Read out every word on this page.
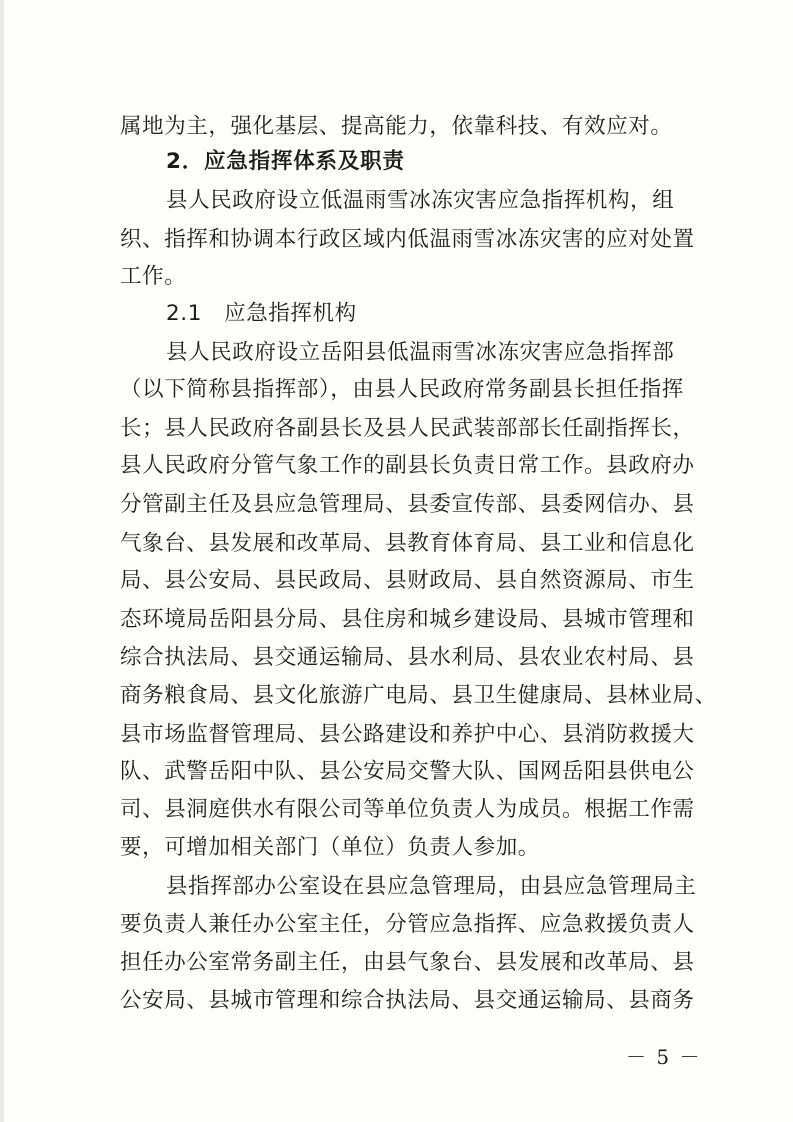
属地为主，强化基层、提高能力，依靠科技、有效应对。
2．应急指挥体系及职责
县人民政府设立低温雨雪冰冻灾害应急指挥机构，组
织、指挥和协调本行政区域内低温雨雪冰冻灾害的应对处置
工作。
2.1　应急指挥机构
县人民政府设立岳阳县低温雨雪冰冻灾害应急指挥部
（以下简称县指挥部），由县人民政府常务副县长担任指挥
长；县人民政府各副县长及县人民武装部部长任副指挥长，
县人民政府分管气象工作的副县长负责日常工作。县政府办
分管副主任及县应急管理局、县委宣传部、县委网信办、县
气象台、县发展和改革局、县教育体育局、县工业和信息化
局、县公安局、县民政局、县财政局、县自然资源局、市生
态环境局岳阳县分局、县住房和城乡建设局、县城市管理和
综合执法局、县交通运输局、县水利局、县农业农村局、县
商务粮食局、县文化旅游广电局、县卫生健康局、县林业局、
县市场监督管理局、县公路建设和养护中心、县消防救援大
队、武警岳阳中队、县公安局交警大队、国网岳阳县供电公
司、县洞庭供水有限公司等单位负责人为成员。根据工作需
要，可增加相关部门（单位）负责人参加。
县指挥部办公室设在县应急管理局，由县应急管理局主
要负责人兼任办公室主任，分管应急指挥、应急救援负责人
担任办公室常务副主任，由县气象台、县发展和改革局、县
公安局、县城市管理和综合执法局、县交通运输局、县商务
－ 5 －
